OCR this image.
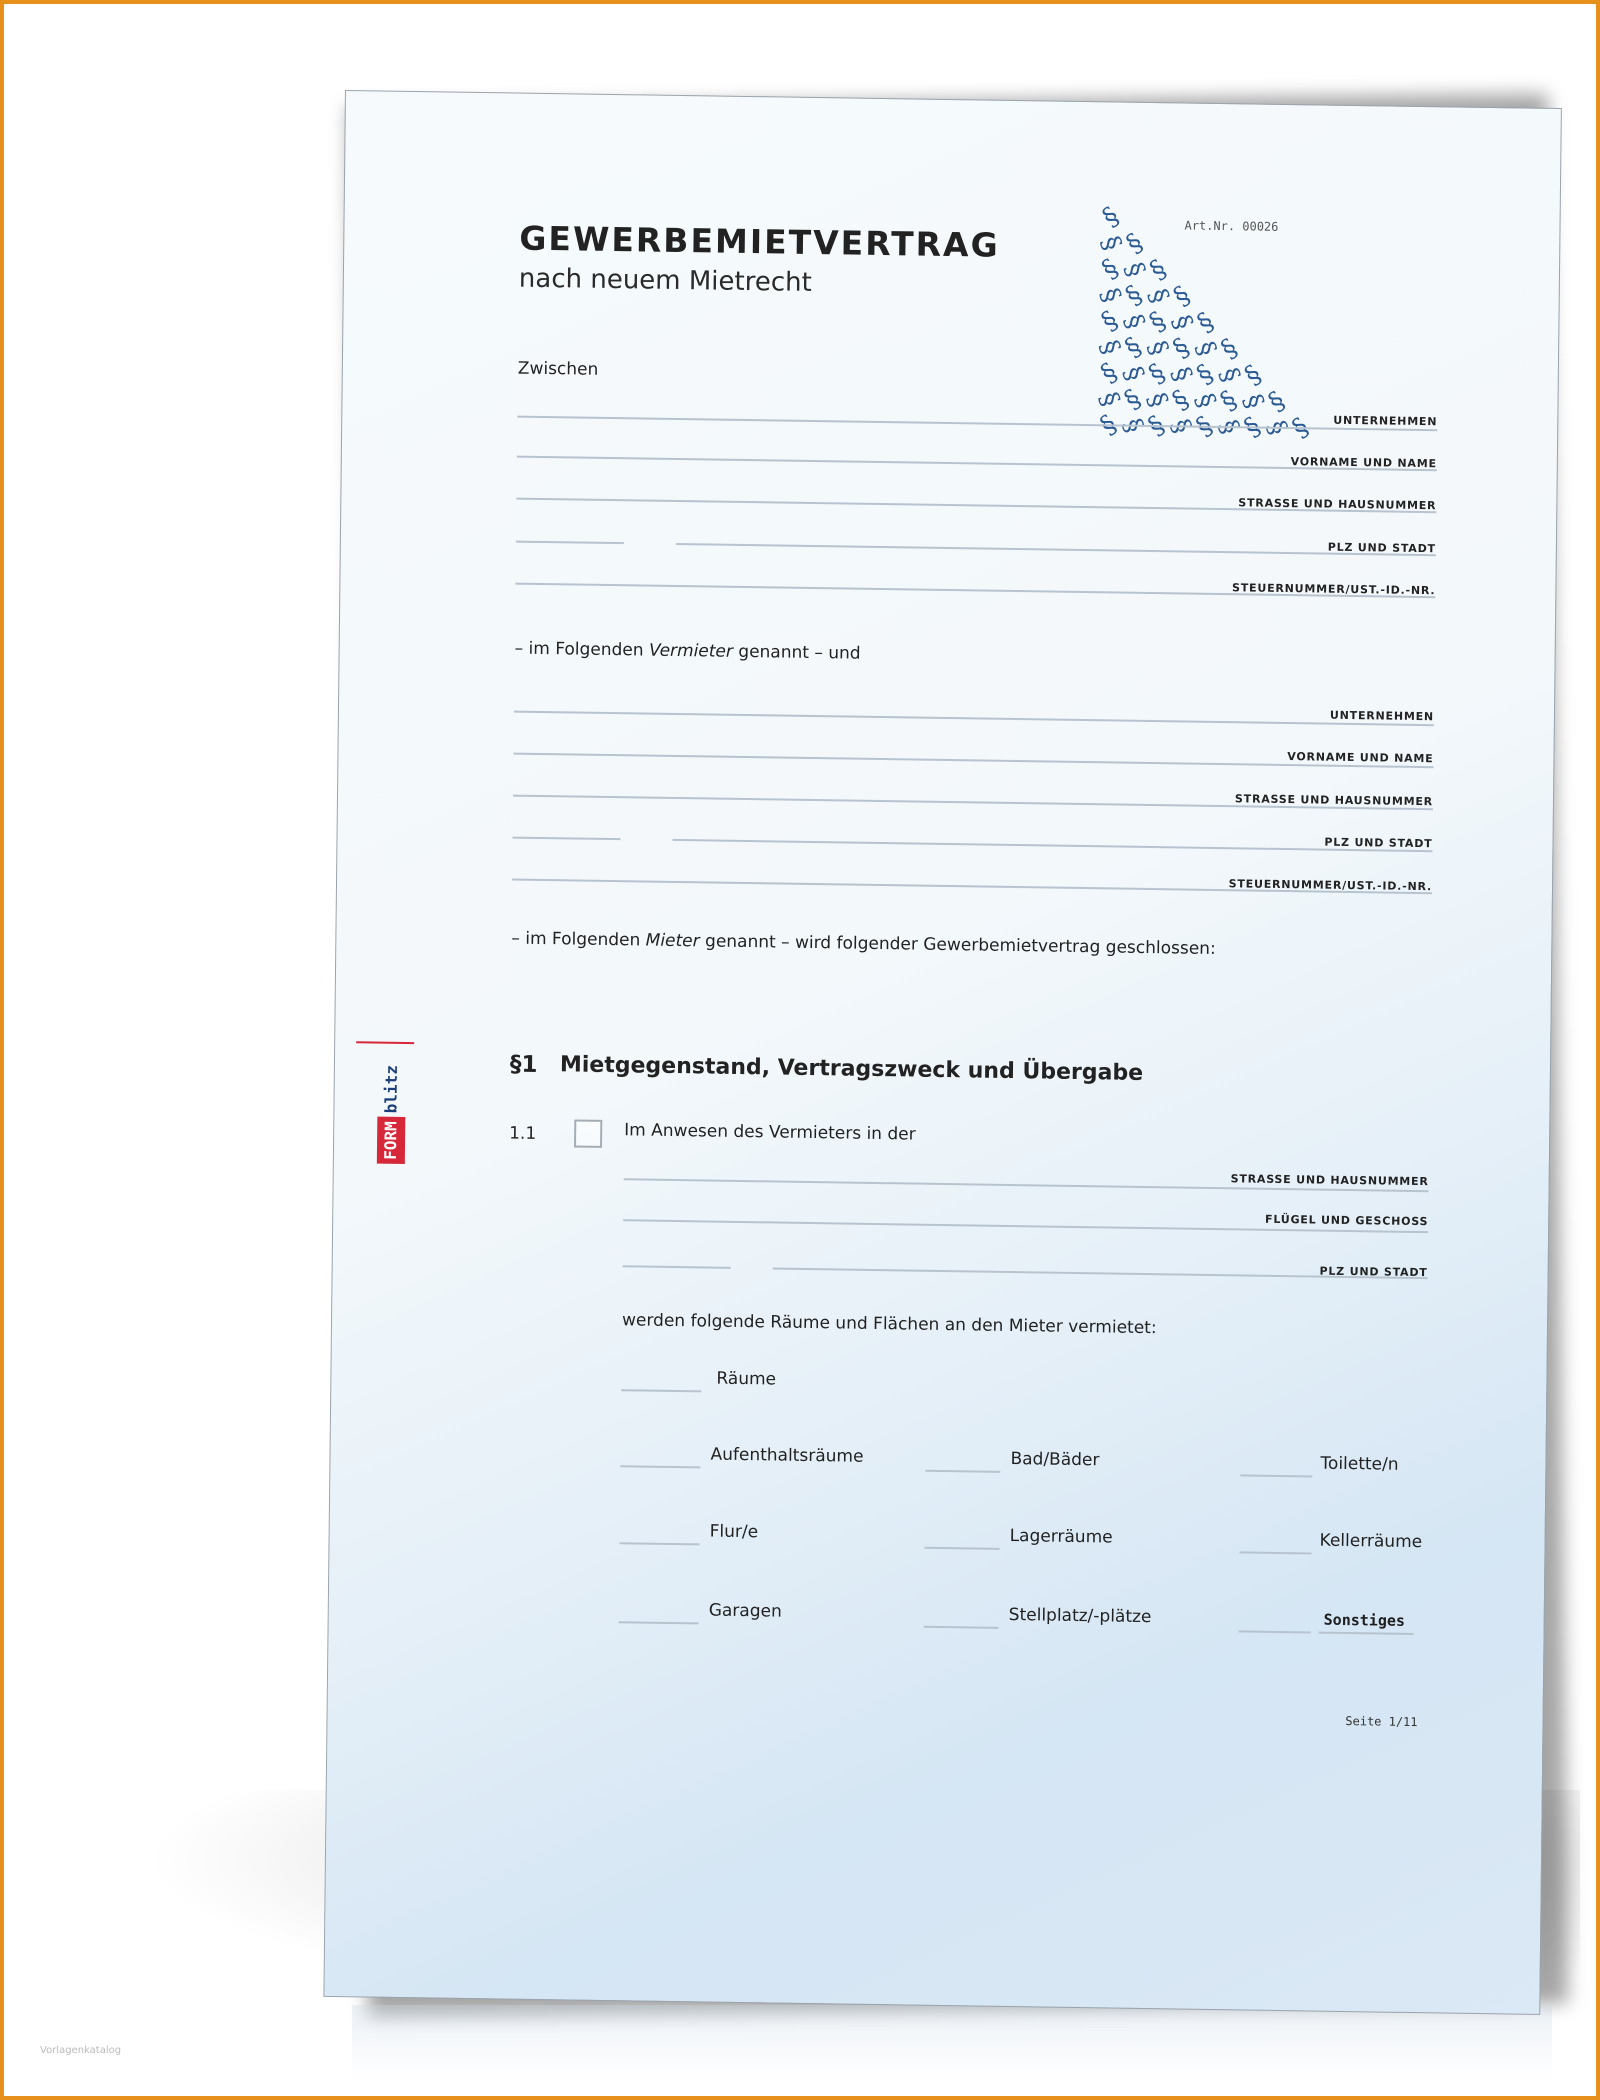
GEWERBEMIETVERTRAG
nach neuem Mietrecht
Art.Nr. 00026
§
§
§
§
§
§
§
§
§
§
§
§
§
§
§
§
§
§
§
§
§
§
§
§
§
§
§
§
§
§
§
§
§
§
§
§
§
FORM
blitz
Zwischen
UNTERNEHMEN
VORNAME UND NAME
STRASSE UND HAUSNUMMER
PLZ UND STADT
STEUERNUMMER/UST.-ID.-NR.
– im Folgenden Vermieter genannt – und
UNTERNEHMEN
VORNAME UND NAME
STRASSE UND HAUSNUMMER
PLZ UND STADT
STEUERNUMMER/UST.-ID.-NR.
– im Folgenden Mieter genannt – wird folgender Gewerbemietvertrag geschlossen:
§1 Mietgegenstand, Vertragszweck und Übergabe
1.1	Im Anwesen des Vermieters in der
STRASSE UND HAUSNUMMER
FLÜGEL UND GESCHOSS
PLZ UND STADT
werden folgende Räume und Flächen an den Mieter vermietet:
Räume
Aufenthaltsräume	Bad/Bäder	Toilette/n
Flur/e	Lagerräume	Kellerräume
Garagen	Stellplatz/-plätze	Sonstiges
Seite 1/11
Vorlagenkatalog
